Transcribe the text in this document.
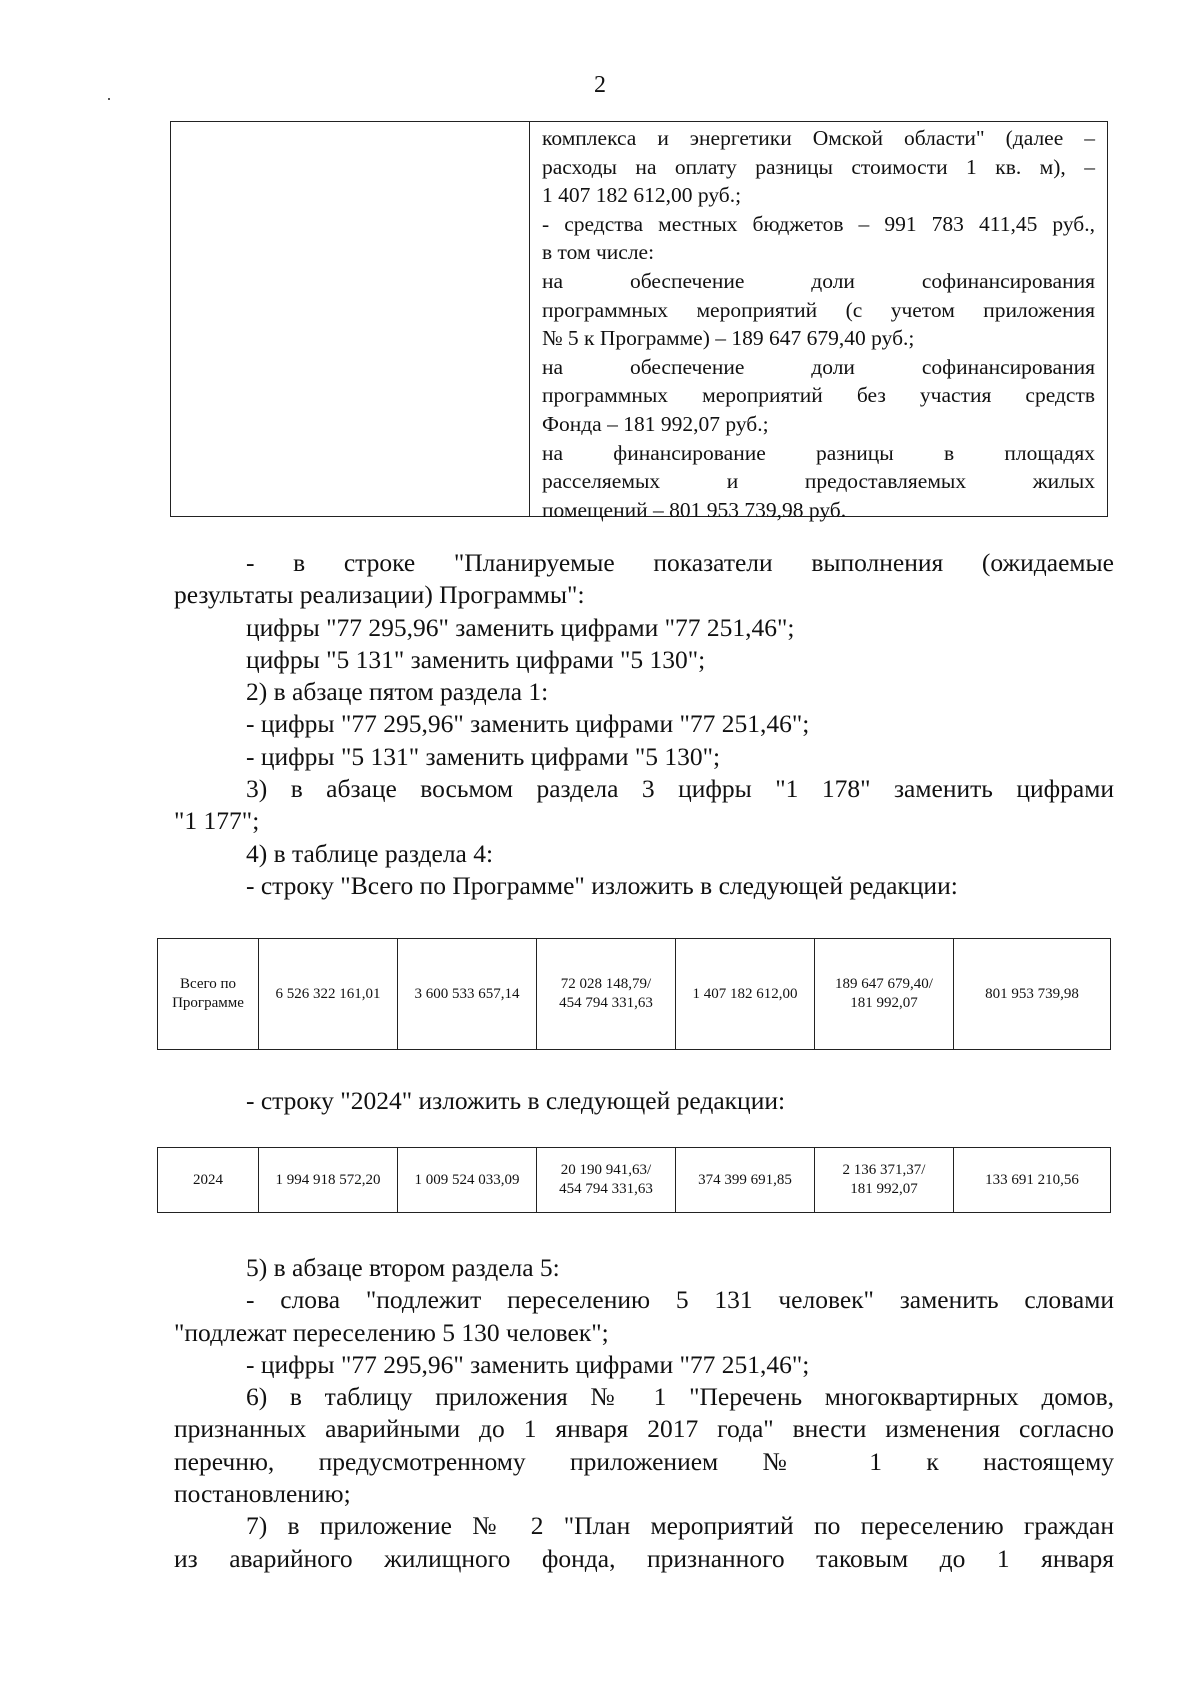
2
комплекса и энергетики Омской области" (далее –
расходы на оплату разницы стоимости 1 кв. м), –
1 407 182 612,00 руб.;
- средства местных бюджетов – 991 783 411,45 руб.,
в том числе:
на обеспечение доли софинансирования
программных мероприятий (с учетом приложения
№ 5 к Программе) – 189 647 679,40 руб.;
на обеспечение доли софинансирования
программных мероприятий без участия средств
Фонда – 181 992,07 руб.;
на финансирование разницы в площадях
расселяемых и предоставляемых жилых
помещений – 801 953 739,98 руб.
- в строке "Планируемые показатели выполнения (ожидаемые
результаты реализации) Программы":
цифры "77 295,96" заменить цифрами "77 251,46";
цифры "5 131" заменить цифрами "5 130";
2) в абзаце пятом раздела 1:
- цифры "77 295,96" заменить цифрами "77 251,46";
- цифры "5 131" заменить цифрами "5 130";
3) в абзаце восьмом раздела 3 цифры "1 178" заменить цифрами
"1 177";
4) в таблице раздела 4:
- строку "Всего по Программе" изложить в следующей редакции:
Всего по
Программе
	6 526 322 161,01	3 600 533 657,14	
72 028 148,79/
454 794 331,63
	1 407 182 612,00	
189 647 679,40/
181 992,07
	801 953 739,98
- строку "2024" изложить в следующей редакции:
2024	1 994 918 572,20	1 009 524 033,09	
20 190 941,63/
454 794 331,63
	374 399 691,85	
2 136 371,37/
181 992,07
	133 691 210,56
5) в абзаце втором раздела 5:
- слова "подлежит переселению 5 131 человек" заменить словами
"подлежат переселению 5 130 человек";
- цифры "77 295,96" заменить цифрами "77 251,46";
6) в таблицу приложения № 1 "Перечень многоквартирных домов,
признанных аварийными до 1 января 2017 года" внести изменения согласно
перечню, предусмотренному приложением № 1 к настоящему
постановлению;
7) в приложение № 2 "План мероприятий по переселению граждан
из аварийного жилищного фонда, признанного таковым до 1 января
